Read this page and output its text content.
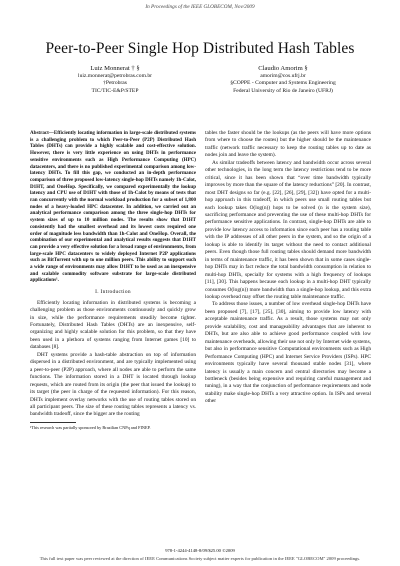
In Proceedings of the IEEE GLOBECOM, Nov/2009
Peer-to-Peer Single Hop Distributed Hash Tables
Luiz Monnerat † §
luiz.monnerat@petrobras.com.br
†Petrobras
TIC/TIC-E&P/STEP
Claudio Amorim §
amorim@cos.ufrj.br
§COPPE - Computer and Systems Engineering
Federal University of Rio de Janeiro (UFRJ)

Abstract—Efficiently locating information in large-scale distributed systems is a challenging problem to which Peer-to-Peer (P2P) Distributed Hash Tables (DHTs) can provide a highly scalable and cost-effective solution. However, there is very little experience on using DHTs in performance sensitive environments such as High Performance Computing (HPC) datacenters, and there is no published experimental comparison among low-latency DHTs. To fill this gap, we conducted an in-depth performance comparison of three proposed low-latency single-hop DHTs namely 1h-Calot, D1HT, and OneHop. Specifically, we compared experimentally the lookup latency and CPU use of D1HT with those of 1h-Calot by means of tests that ran concurrently with the normal workload production for a subset of 1,800 nodes of a heavy-loaded HPC datacenter. In addition, we carried out an analytical performance comparison among the three single-hop DHTs for system sizes of up to 10 million nodes. The results show that D1HT consistently had the smallest overhead and its lowest costs required one order of magnitude less bandwidth than 1h-Calot and OneHop. Overall, the combination of our experimental and analytical results suggests that D1HT can provide a very effective solution for a broad range of environments, from large-scale HPC datacenters to widely deployed Internet P2P applications such as BitTorrent with up to one million peers. This ability to support such a wide range of environments may allow D1HT to be used as an inexpensive and scalable commodity software substrate for large-scale distributed applications¹.

I. Introduction

Efficiently locating information in distributed systems is becoming a challenging problem as those environments continuously and quickly grow in size, while the performance requirements steadily become tighter. Fortunately, Distributed Hash Tables (DHTs) are an inexpensive, self-organizing and highly scalable solution for this problem, so that they have been used in a plethora of systems ranging from Internet games [10] to databases [8].

DHT systems provide a hash-table abstraction on top of information dispersed in a distributed environment, and are typically implemented using a peer-to-peer (P2P) approach, where all nodes are able to perform the same functions. The information stored in a DHT is located through lookup requests, which are routed from its origin (the peer that issued the lookup) to its target (the peer in charge of the requested information). For this reason, DHTs implement overlay networks with the use of routing tables stored on all participant peers. The size of these routing tables represents a latency vs. bandwidth tradeoff, since the bigger are the routing

¹This research was partially sponsored by Brazilian CNPq and FINEP.

tables the faster should be the lookups (as the peers will have more options from where to choose the routes) but the higher should be the maintenance traffic (network traffic necessary to keep the routing tables up to date as nodes join and leave the system).

As similar tradeoffs between latency and bandwidth occur across several other technologies, in the long term the latency restrictions tend to be more critical, since it has been shown that “over time bandwidth typically improves by more than the square of the latency reductions” [20]. In contrast, most DHT designs so far (e.g. [22], [26], [29], [32]) have opted for a multi-hop approach in this tradeoff, in which peers use small routing tables but each lookup takes O(log(n)) hops to be solved (n is the system size), sacrificing performance and preventing the use of these multi-hop DHTs for performance sensitive applications. In contrast, single-hop DHTs are able to provide low latency access to information since each peer has a routing table with the IP addresses of all other peers in the system, and so the origin of a lookup is able to identify its target without the need to contact additional peers. Even though those full routing tables should demand more bandwidth in terms of maintenance traffic, it has been shown that in some cases single-hop DHTs may in fact reduce the total bandwidth consumption in relation to multi-hop DHTs, specially for systems with a high frequency of lookups [11], [30]. This happens because each lookup in a multi-hop DHT typically consumes O(log(n)) more bandwidth than a single-hop lookup, and this extra lookup overhead may offset the routing table maintenance traffic.

To address those issues, a number of low overhead single-hop DHTs have been proposed [7], [17], [25], [30], aiming to provide low latency with acceptable maintenance traffic. As a result, those systems may not only provide scalability, cost and manageability advantages that are inherent to DHTs, but are also able to achieve good performance coupled with low maintenance overheads, allowing their use not only by Internet wide systems, but also in performance sensitive Computational environments such as High Performance Computing (HPC) and Internet Service Providers (ISPs). HPC environments typically have several thousand stable nodes [31], where latency is usually a main concern and central directories may become a bottleneck (besides being expensive and requiring careful management and tuning), in a way that the conjunction of performance requirements and node stability make single-hop DHTs a very attractive option. In ISPs and several other

978-1-4244-4148-8/09/$25.00 ©2009
This full text paper was peer reviewed at the direction of IEEE Communications Society subject matter experts for publication in the IEEE "GLOBECOM" 2009 proceedings.
